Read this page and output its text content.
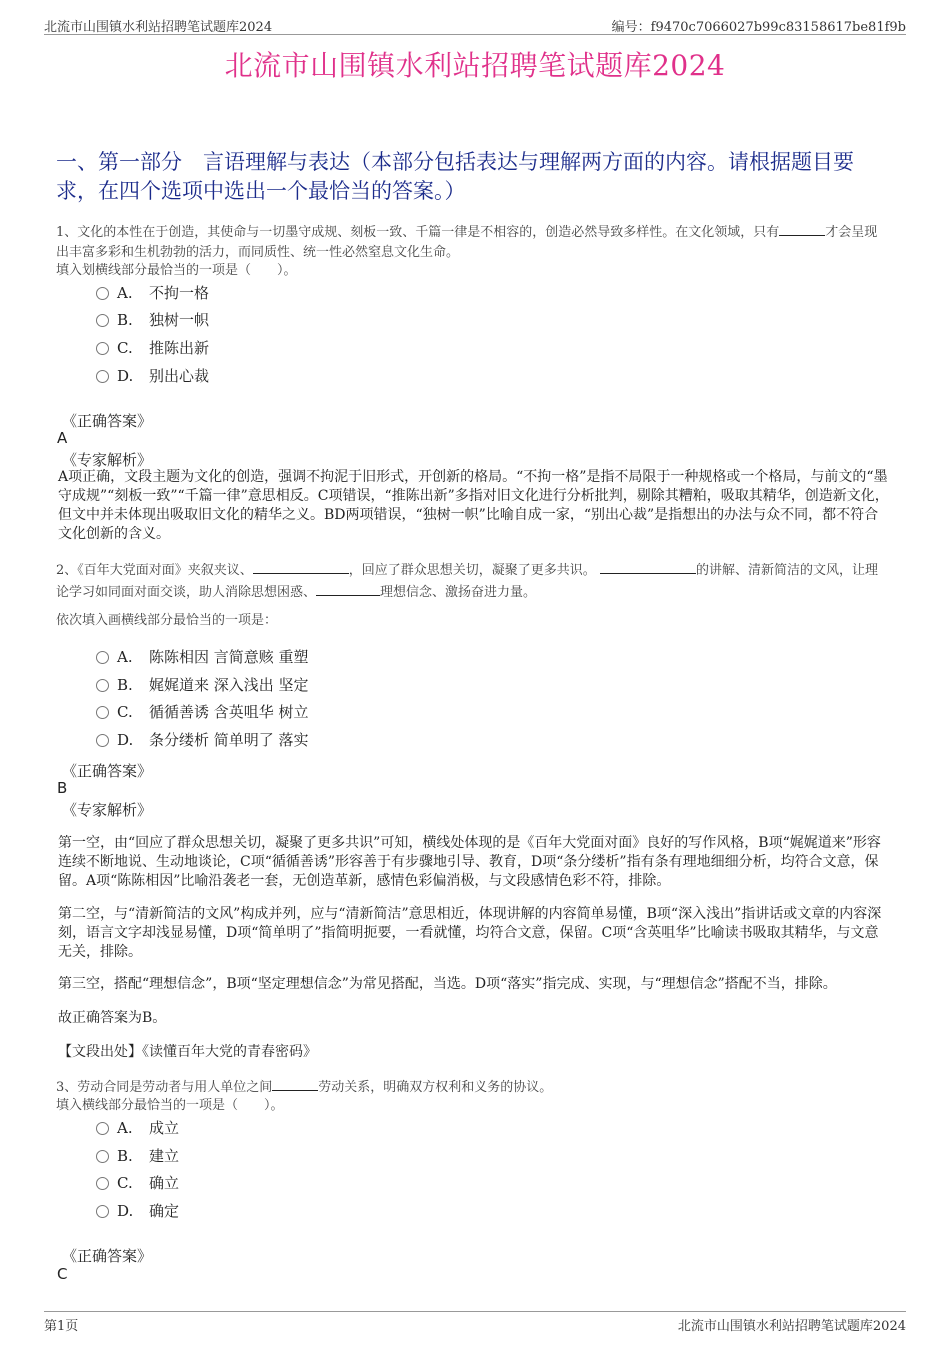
北流市山围镇水利站招聘笔试题库2024	编号：f9470c7066027b99c83158617be81f9b
北流市山围镇水利站招聘笔试题库2024
一、第一部分　言语理解与表达（本部分包括表达与理解两方面的内容。请根据题目要求，在四个选项中选出一个最恰当的答案。）
1、文化的本性在于创造，其使命与一切墨守成规、刻板一致、千篇一律是不相容的，创造必然导致多样性。在文化领域，只有	才会呈现出丰富多彩和生机勃勃的活力，而同质性、统一性必然窒息文化生命。
填入划横线部分最恰当的一项是（　　）。
A. 不拘一格
B. 独树一帜
C. 推陈出新
D. 别出心裁
《正确答案》
A
《专家解析》
A项正确，文段主题为文化的创造，强调不拘泥于旧形式，开创新的格局。“不拘一格”是指不局限于一种规格或一个格局，与前文的“墨守成规”“刻板一致”“千篇一律”意思相反。C项错误，“推陈出新”多指对旧文化进行分析批判，剔除其糟粕，吸取其精华，创造新文化，但文中并未体现出吸取旧文化的精华之义。BD两项错误，“独树一帜”比喻自成一家，“别出心裁”是指想出的办法与众不同，都不符合文化创新的含义。
2、《百年大党面对面》夹叙夹议、	，回应了群众思想关切，凝聚了更多共识。	的讲解、清新简洁的文风，让理论学习如同面对面交谈，助人消除思想困惑、	理想信念、激扬奋进力量。
依次填入画横线部分最恰当的一项是：
A. 陈陈相因 言简意赅 重塑
B. 娓娓道来 深入浅出 坚定
C. 循循善诱 含英咀华 树立
D. 条分缕析 简单明了 落实
《正确答案》
B
《专家解析》
第一空，由“回应了群众思想关切，凝聚了更多共识”可知，横线处体现的是《百年大党面对面》良好的写作风格，B项“娓娓道来”形容连续不断地说、生动地谈论，C项“循循善诱”形容善于有步骤地引导、教育，D项“条分缕析”指有条有理地细细分析，均符合文意，保留。A项“陈陈相因”比喻沿袭老一套，无创造革新，感情色彩偏消极，与文段感情色彩不符，排除。
第二空，与“清新简洁的文风”构成并列，应与“清新简洁”意思相近，体现讲解的内容简单易懂，B项“深入浅出”指讲话或文章的内容深刻，语言文字却浅显易懂，D项“简单明了”指简明扼要，一看就懂，均符合文意，保留。C项“含英咀华”比喻读书吸取其精华，与文意无关，排除。
第三空，搭配“理想信念”，B项“坚定理想信念”为常见搭配，当选。D项“落实”指完成、实现，与“理想信念”搭配不当，排除。
故正确答案为B。
【文段出处】《读懂百年大党的青春密码》
3、劳动合同是劳动者与用人单位之间	劳动关系，明确双方权利和义务的协议。
填入横线部分最恰当的一项是（　　）。
A. 成立
B. 建立
C. 确立
D. 确定
《正确答案》
C
第1页	北流市山围镇水利站招聘笔试题库2024
